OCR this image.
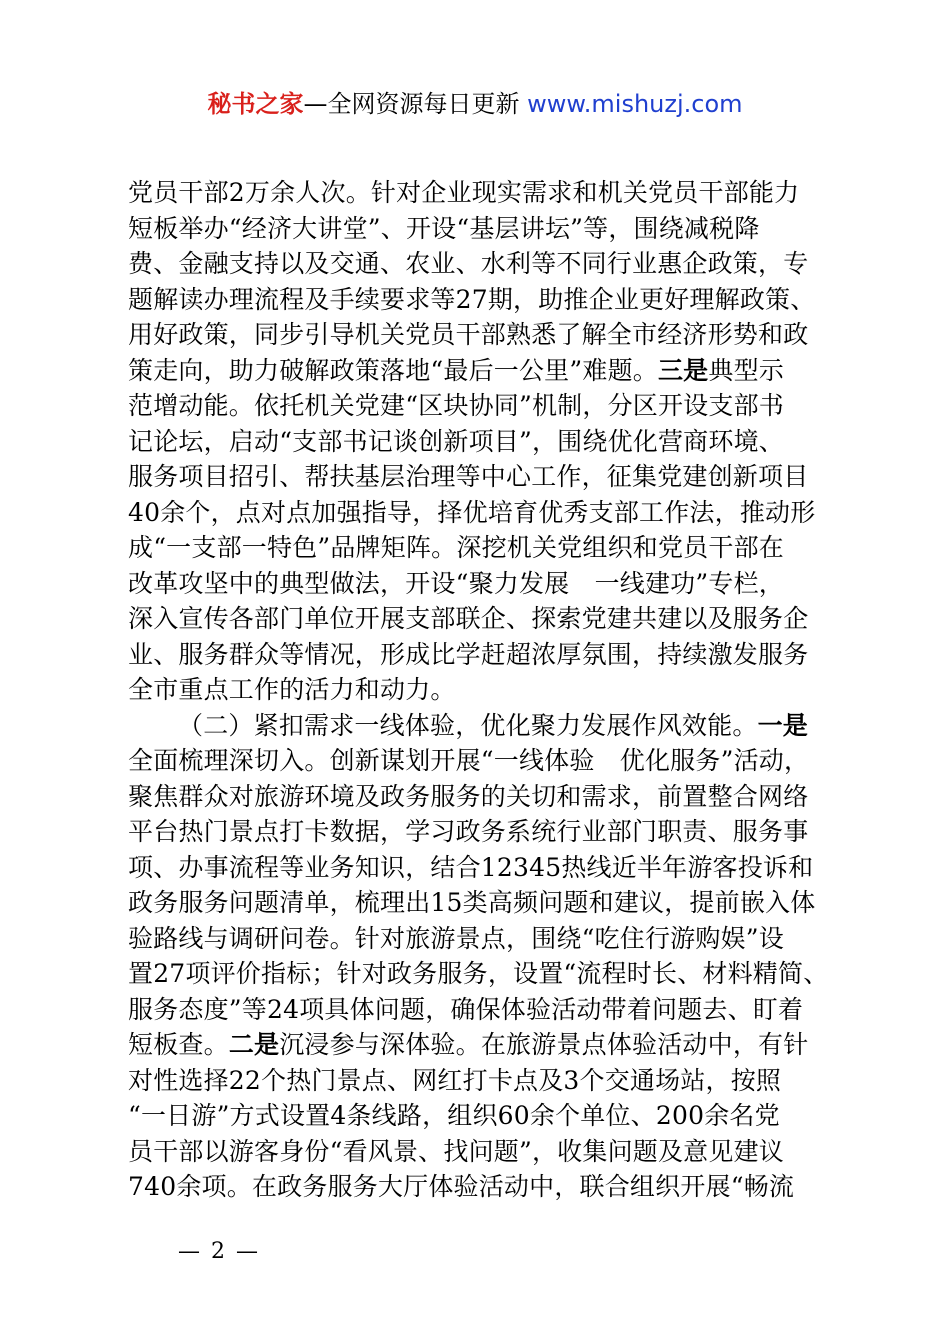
秘书之家—全网资源每日更新 www.mishuzj.com
党员干部2万余人次。针对企业现实需求和机关党员干部能力
短板举办“经济大讲堂”、开设“基层讲坛”等，围绕减税降
费、金融支持以及交通、农业、水利等不同行业惠企政策，专
题解读办理流程及手续要求等27期，助推企业更好理解政策、
用好政策，同步引导机关党员干部熟悉了解全市经济形势和政
策走向，助力破解政策落地“最后一公里”难题。三是典型示
范增动能。依托机关党建“区块协同”机制，分区开设支部书
记论坛，启动“支部书记谈创新项目”，围绕优化营商环境、
服务项目招引、帮扶基层治理等中心工作，征集党建创新项目
40余个，点对点加强指导，择优培育优秀支部工作法，推动形
成“一支部一特色”品牌矩阵。深挖机关党组织和党员干部在
改革攻坚中的典型做法，开设“聚力发展　一线建功”专栏，
深入宣传各部门单位开展支部联企、探索党建共建以及服务企
业、服务群众等情况，形成比学赶超浓厚氛围，持续激发服务
全市重点工作的活力和动力。
（二）紧扣需求一线体验，优化聚力发展作风效能。一是
全面梳理深切入。创新谋划开展“一线体验　优化服务”活动，
聚焦群众对旅游环境及政务服务的关切和需求，前置整合网络
平台热门景点打卡数据，学习政务系统行业部门职责、服务事
项、办事流程等业务知识，结合12345热线近半年游客投诉和
政务服务问题清单，梳理出15类高频问题和建议，提前嵌入体
验路线与调研问卷。针对旅游景点，围绕“吃住行游购娱”设
置27项评价指标；针对政务服务，设置“流程时长、材料精简、
服务态度”等24项具体问题，确保体验活动带着问题去、盯着
短板查。二是沉浸参与深体验。在旅游景点体验活动中，有针
对性选择22个热门景点、网红打卡点及3个交通场站，按照
“一日游”方式设置4条线路，组织60余个单位、200余名党
员干部以游客身份“看风景、找问题”，收集问题及意见建议
740余项。在政务服务大厅体验活动中，联合组织开展“畅流
— 2 —
